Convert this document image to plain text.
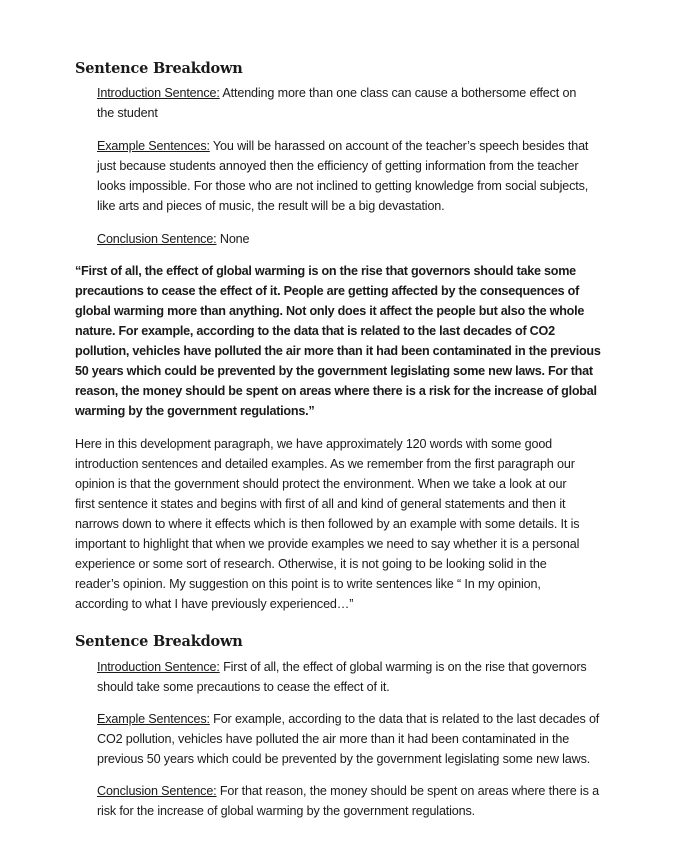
Sentence Breakdown
Introduction Sentence: Attending more than one class can cause a bothersome effect on
the student
Example Sentences: You will be harassed on account of the teacher’s speech besides that
just because students annoyed then the efficiency of getting information from the teacher
looks impossible. For those who are not inclined to getting knowledge from social subjects,
like arts and pieces of music, the result will be a big devastation.
Conclusion Sentence: None
“First of all, the effect of global warming is on the rise that governors should take some
precautions to cease the effect of it. People are getting affected by the consequences of
global warming more than anything. Not only does it affect the people but also the whole
nature. For example, according to the data that is related to the last decades of CO2
pollution, vehicles have polluted the air more than it had been contaminated in the previous
50 years which could be prevented by the government legislating some new laws. For that
reason, the money should be spent on areas where there is a risk for the increase of global
warming by the government regulations.”
Here in this development paragraph, we have approximately 120 words with some good
introduction sentences and detailed examples. As we remember from the first paragraph our
opinion is that the government should protect the environment. When we take a look at our
first sentence it states and begins with first of all and kind of general statements and then it
narrows down to where it effects which is then followed by an example with some details. It is
important to highlight that when we provide examples we need to say whether it is a personal
experience or some sort of research. Otherwise, it is not going to be looking solid in the
reader’s opinion. My suggestion on this point is to write sentences like “ In my opinion,
according to what I have previously experienced…”
Sentence Breakdown
Introduction Sentence: First of all, the effect of global warming is on the rise that governors
should take some precautions to cease the effect of it.
Example Sentences: For example, according to the data that is related to the last decades of
CO2 pollution, vehicles have polluted the air more than it had been contaminated in the
previous 50 years which could be prevented by the government legislating some new laws.
Conclusion Sentence: For that reason, the money should be spent on areas where there is a
risk for the increase of global warming by the government regulations.
